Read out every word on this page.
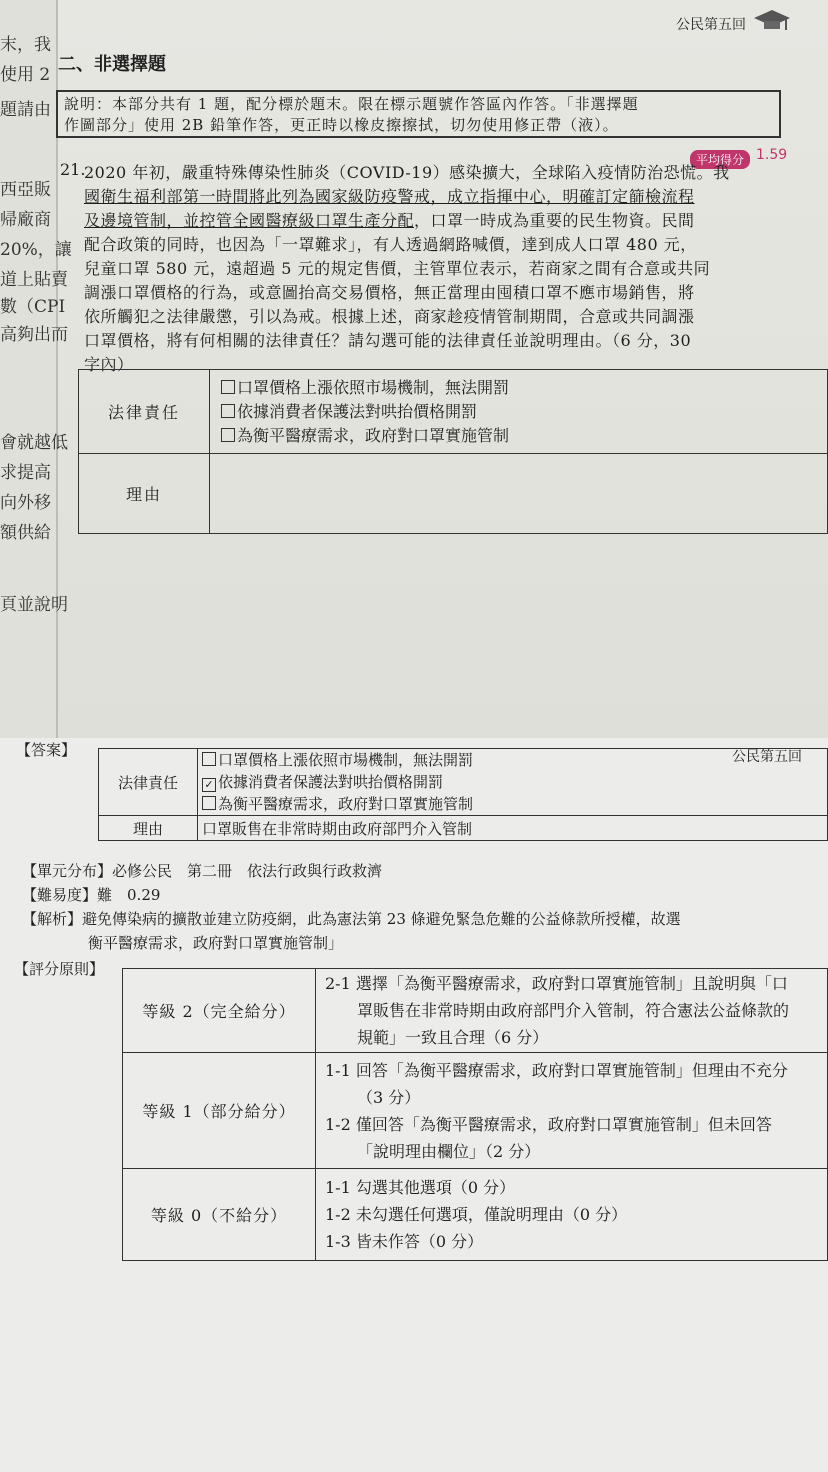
末，我
使用 2
題請由
西亞販
帰廠商
20%，讓
道上貼賣
數（CPI
高夠出而
會就越低
求提高
向外移
額供給
頁並說明
公民第五回
二、非選擇題
說明：本部分共有 1 題，配分標於題末。限在標示題號作答區內作答。「非選擇題
作圖部分」使用 2B 鉛筆作答，更正時以橡皮擦擦拭，切勿使用修正帶（液）。
平均得分 1.59
21.
2020 年初，嚴重特殊傳染性肺炎（COVID-19）感染擴大，全球陷入疫情防治恐慌。我
國衛生福利部第一時間將此列為國家級防疫警戒，成立指揮中心，明確訂定篩檢流程
及邊境管制，並控管全國醫療級口罩生產分配，口罩一時成為重要的民生物資。民間
配合政策的同時，也因為「一罩難求」，有人透過網路喊價，達到成人口罩 480 元，
兒童口罩 580 元，遠超過 5 元的規定售價，主管單位表示，若商家之間有合意或共同
調漲口罩價格的行為，或意圖抬高交易價格，無正當理由囤積口罩不應市場銷售，將
依所觸犯之法律嚴懲，引以為戒。根據上述，商家趁疫情管制期間，合意或共同調漲
口罩價格，將有何相關的法律責任？請勾選可能的法律責任並說明理由。（6 分，30
字內）
法律責任	口罩價格上漲依照市場機制，無法開罰
依據消費者保護法對哄抬價格開罰
為衡平醫療需求，政府對口罩實施管制

理由	
公民第五回
【答案】
法律責任	口罩價格上漲依照市場機制，無法開罰
✓ 依據消費者保護法對哄抬價格開罰
為衡平醫療需求，政府對口罩實施管制

理由	口罩販售在非常時期由政府部門介入管制
【單元分布】必修公民　第二冊　依法行政與行政救濟
【難易度】難　0.29
【解析】避免傳染病的擴散並建立防疫網，此為憲法第 23 條避免緊急危難的公益條款所授權，故選
衡平醫療需求，政府對口罩實施管制」
【評分原則】
等級 2（完全給分）	2-1 選擇「為衡平醫療需求，政府對口罩實施管制」且說明與「口
罩販售在非常時期由政府部門介入管制，符合憲法公益條款的
規範」一致且合理（6 分）

等級 1（部分給分）	1-1 回答「為衡平醫療需求，政府對口罩實施管制」但理由不充分
（3 分）
1-2 僅回答「為衡平醫療需求，政府對口罩實施管制」但未回答
「說明理由欄位」（2 分）

等級 0（不給分）	1-1 勾選其他選項（0 分）
1-2 未勾選任何選項，僅說明理由（0 分）
1-3 皆未作答（0 分）
